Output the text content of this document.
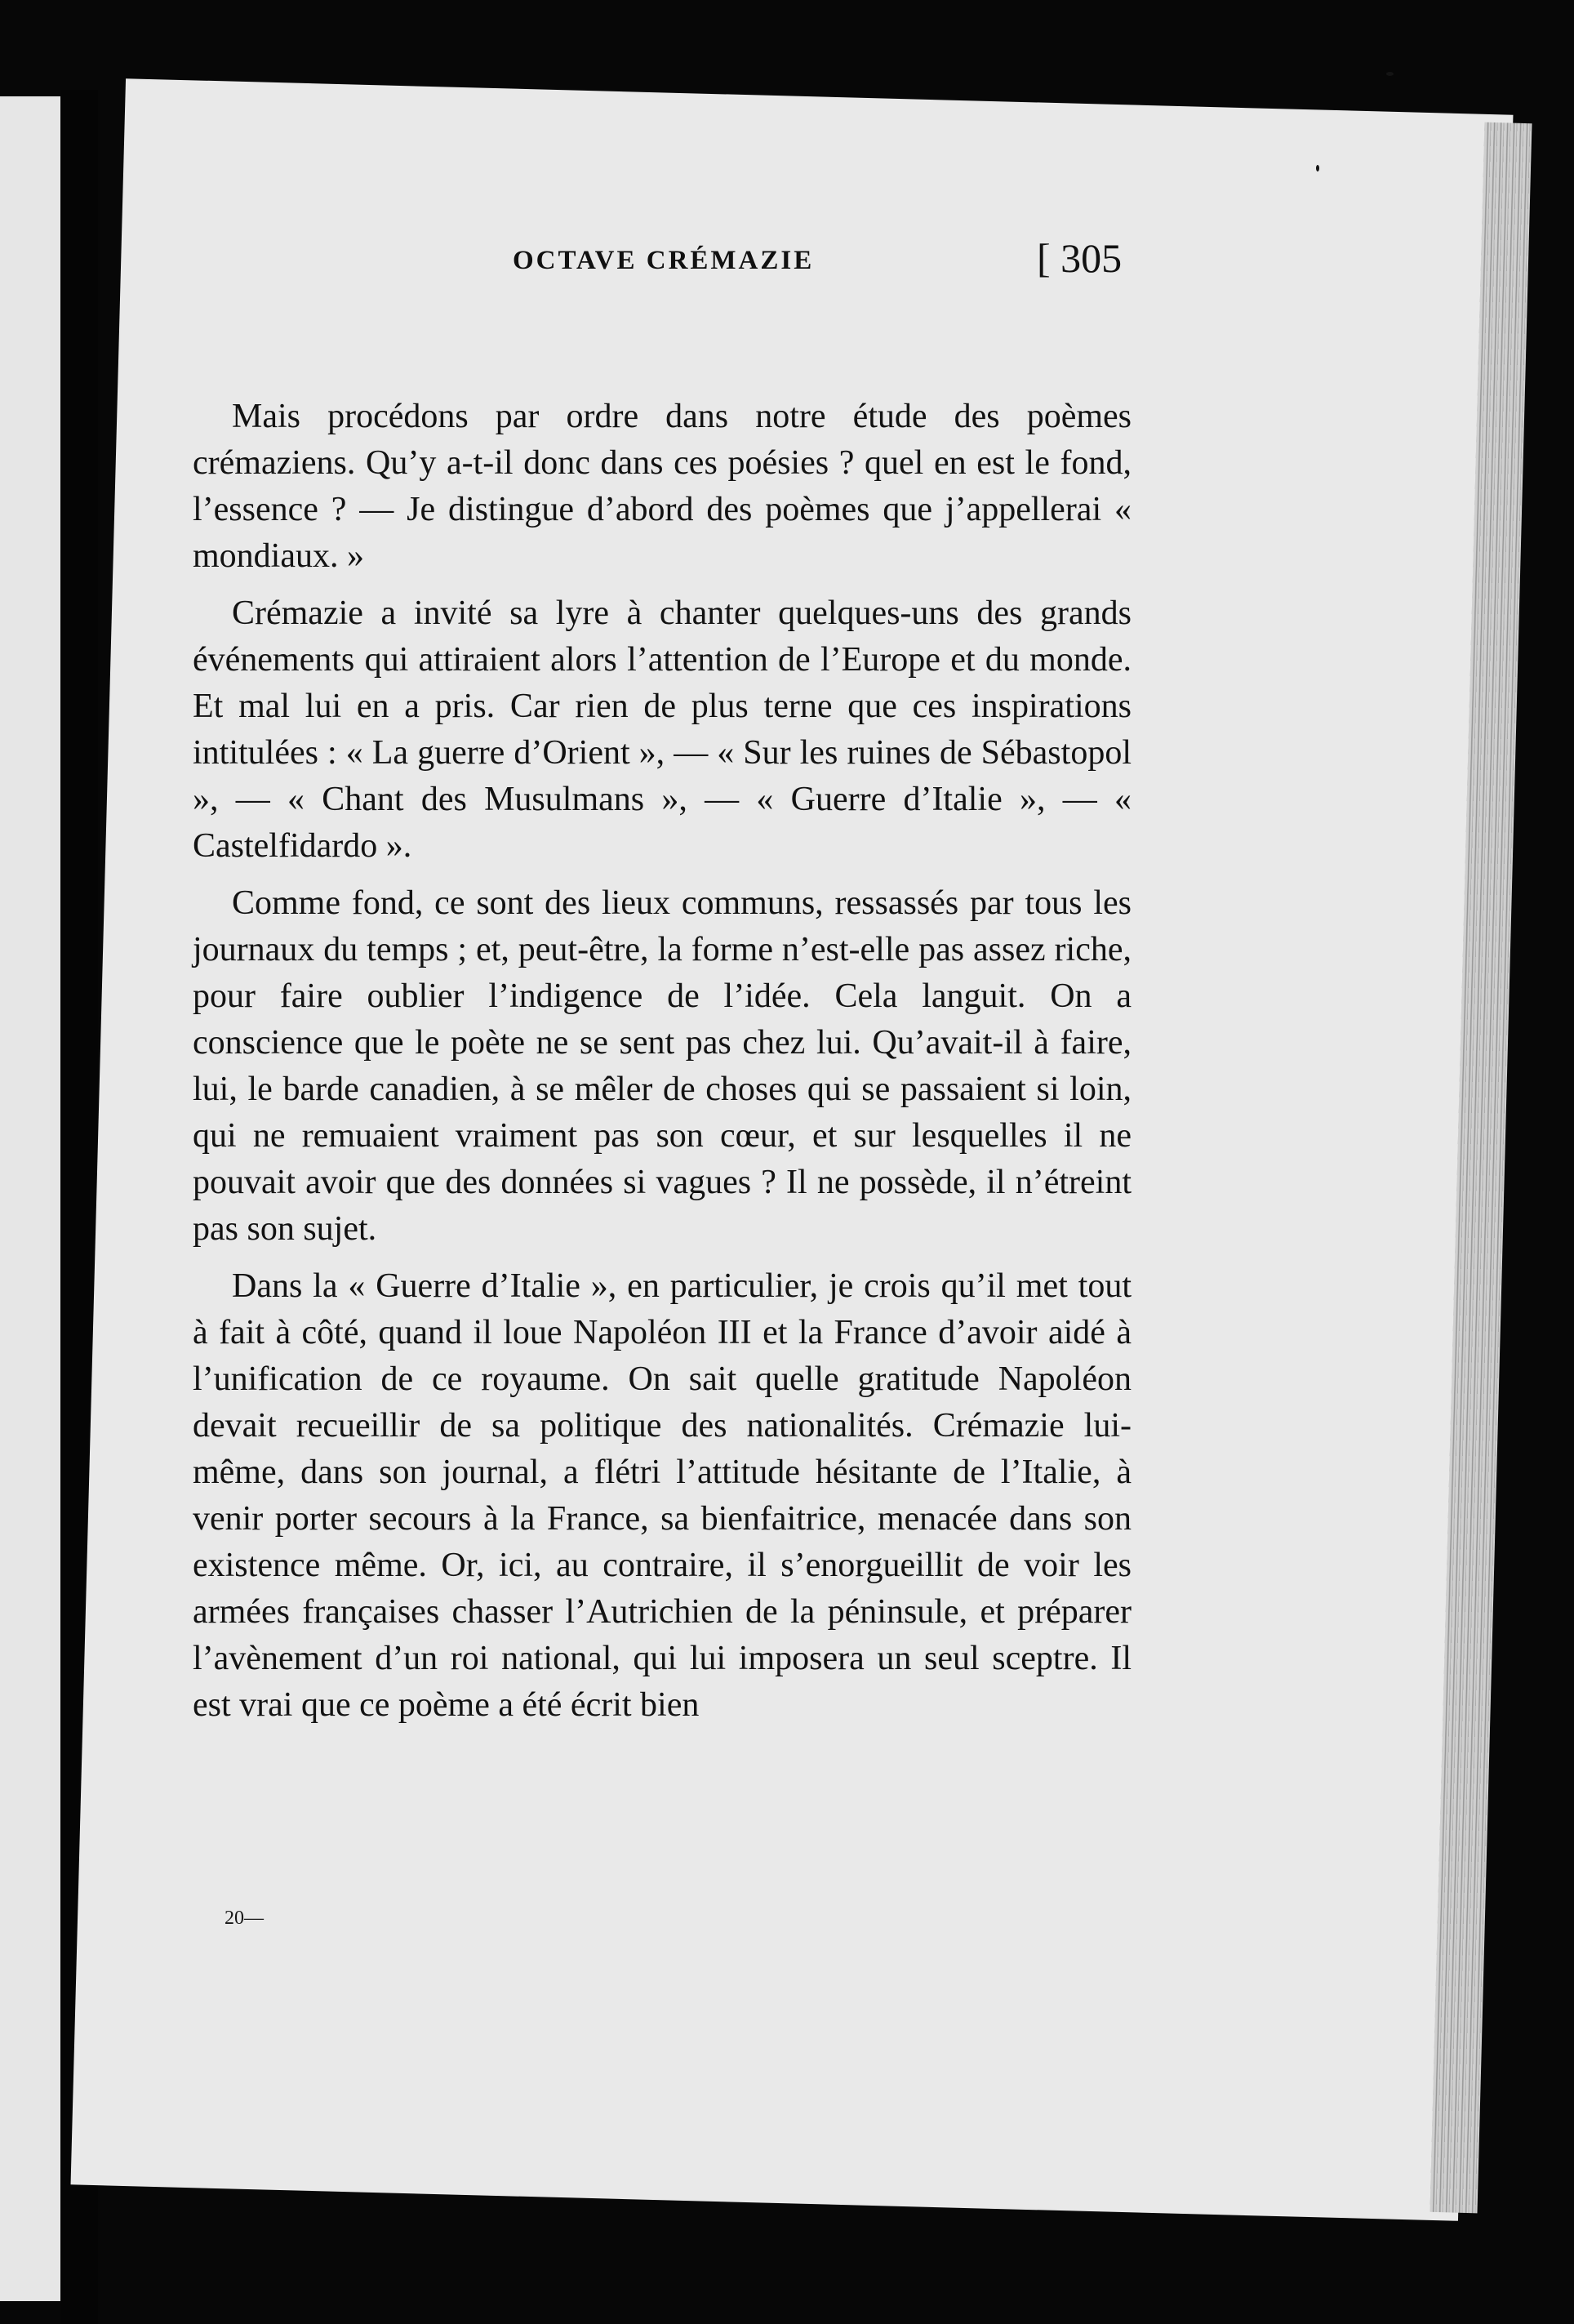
OCTAVE CRÉMAZIE	[ 305

Mais procédons par ordre dans notre étude des poèmes crémaziens. Qu’y a-t-il donc dans ces poésies ? quel en est le fond, l’essence ? — Je distingue d’abord des poèmes que j’appellerai « mondiaux. »

Crémazie a invité sa lyre à chanter quelques-uns des grands événements qui attiraient alors l’attention de l’Europe et du monde. Et mal lui en a pris. Car rien de plus terne que ces inspirations intitulées : « La guerre d’Orient », — « Sur les ruines de Sébastopol », — « Chant des Musulmans », — « Guerre d’Italie », — « Castelfidardo ».

Comme fond, ce sont des lieux communs, ressassés par tous les journaux du temps ; et, peut-être, la forme n’est-elle pas assez riche, pour faire oublier l’indigence de l’idée. Cela languit. On a conscience que le poète ne se sent pas chez lui. Qu’avait-il à faire, lui, le barde canadien, à se mêler de choses qui se passaient si loin, qui ne remuaient vraiment pas son cœur, et sur lesquelles il ne pouvait avoir que des données si vagues ? Il ne possède, il n’étreint pas son sujet.

Dans la « Guerre d’Italie », en particulier, je crois qu’il met tout à fait à côté, quand il loue Napoléon III et la France d’avoir aidé à l’unification de ce royaume. On sait quelle gratitude Napoléon devait recueillir de sa politique des nationalités. Crémazie lui-même, dans son journal, a flétri l’attitude hésitante de l’Italie, à venir porter secours à la France, sa bienfaitrice, menacée dans son existence même. Or, ici, au contraire, il s’enorgueillit de voir les armées françaises chasser l’Autrichien de la péninsule, et préparer l’avènement d’un roi national, qui lui imposera un seul sceptre. Il est vrai que ce poème a été écrit bien

20—
